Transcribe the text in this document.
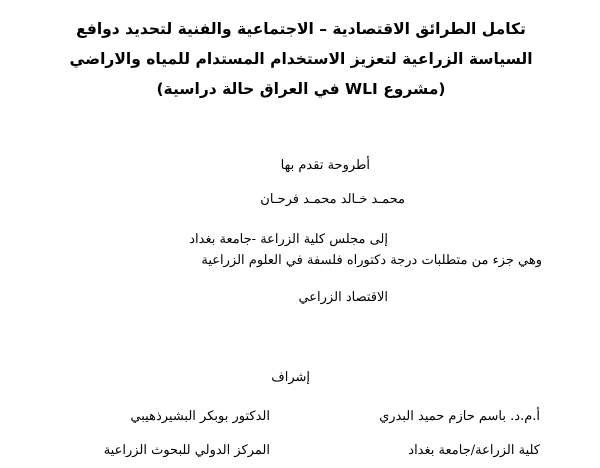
تكامل الطرائق الاقتصادية – الاجتماعية والفنية لتحديد دوافع
السياسة الزراعية لتعزيز الاستخدام المستدام للمياه والاراضي
(مشروع WLI في العراق حالة دراسية)
أطروحة تقدم بها
محمـد خـالد محمـد فرحـان
إلى مجلس كلية الزراعة -جامعة بغداد
وهي جزء من متطلبات درجة دكتوراه فلسفة في العلوم الزراعية
الاقتصاد الزراعي
إشراف
أ.م.د. باسم حازم حميد البدري
كلية الزراعة/جامعة بغداد
الدكتور بوبكر البشيرذهيبي
المركز الدولي للبحوث الزراعية
